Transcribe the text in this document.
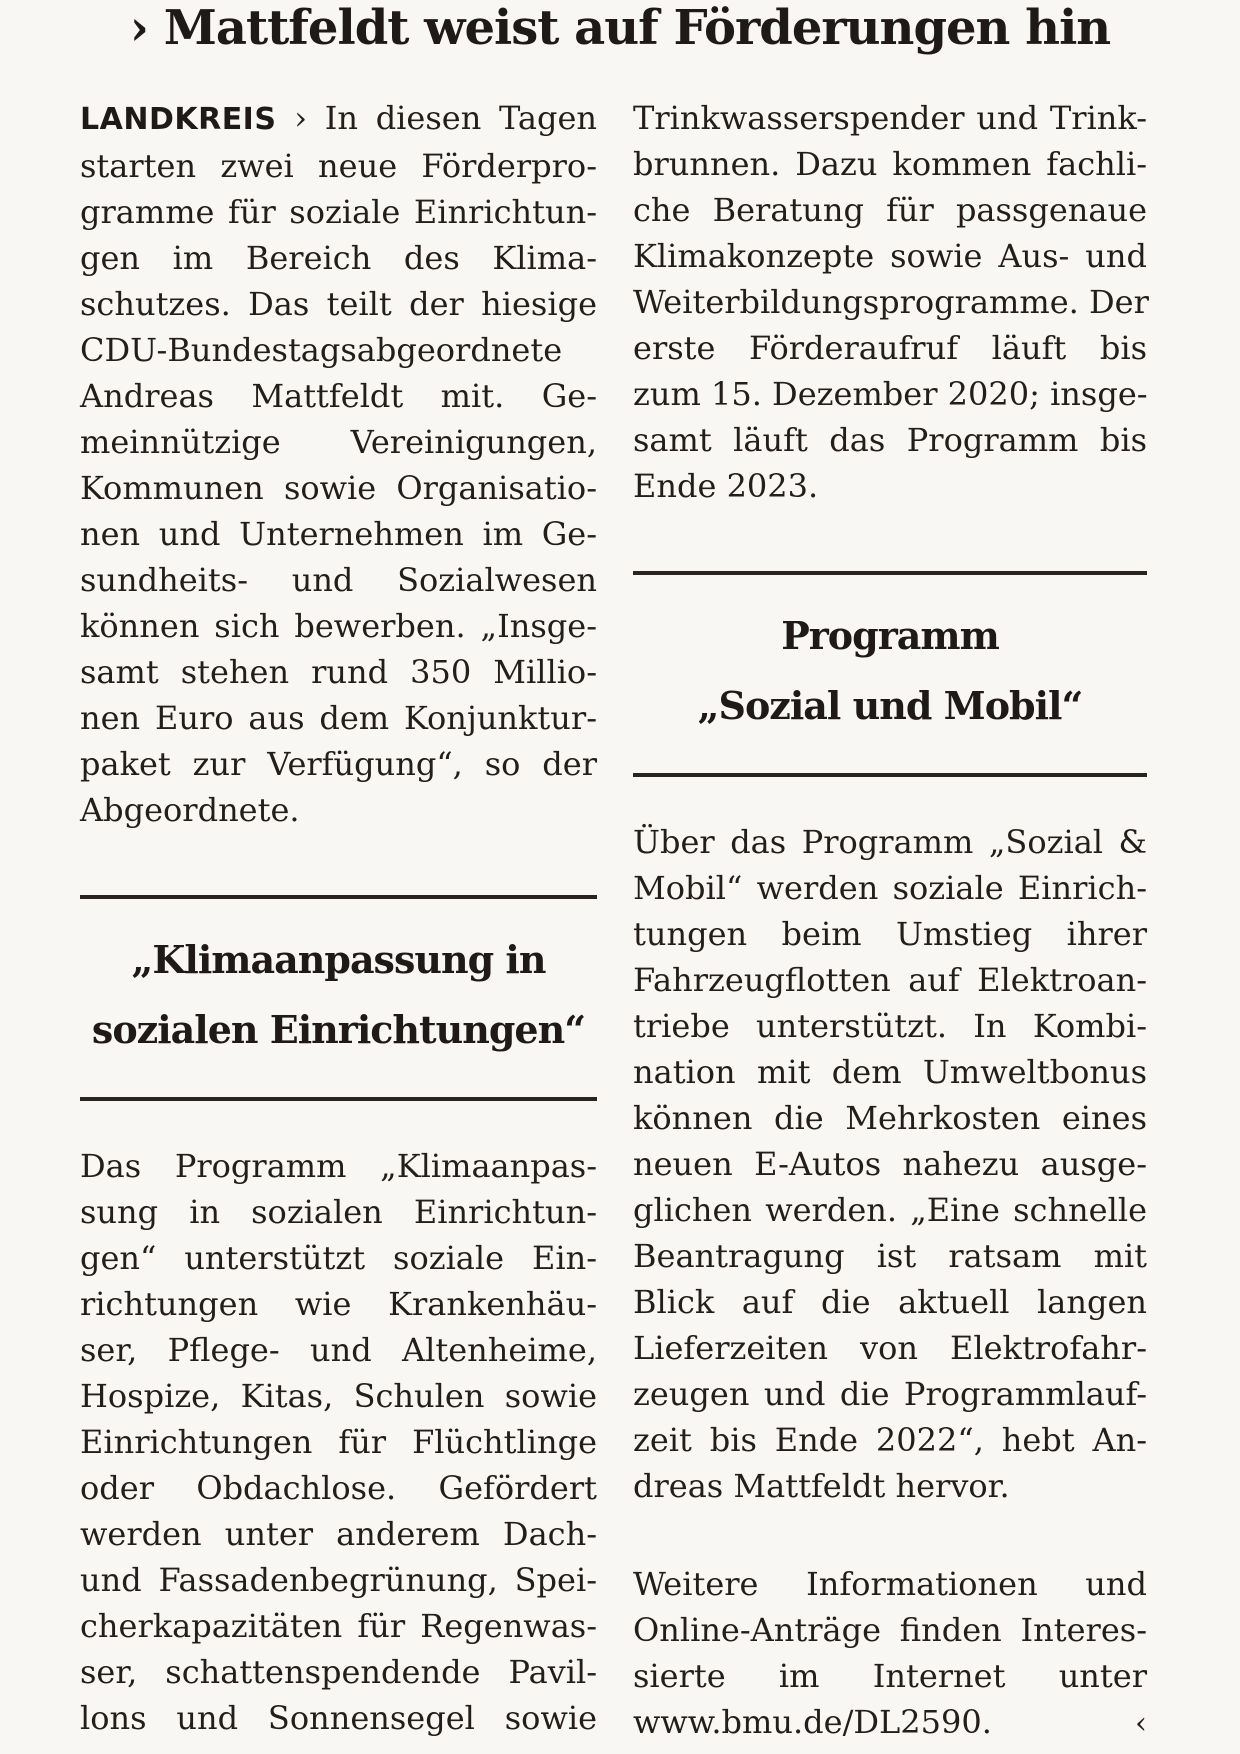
› Mattfeldt weist auf Förderungen hin
LANDKREIS › In diesen Tagen
starten zwei neue Förderpro-
gramme für soziale Einrichtun-
gen im Bereich des Klima-
schutzes. Das teilt der hiesige
CDU-Bundestagsabgeordnete
Andreas Mattfeldt mit. Ge-
meinnützige Vereinigungen,
Kommunen sowie Organisatio-
nen und Unternehmen im Ge-
sundheits- und Sozialwesen
können sich bewerben. „Insge-
samt stehen rund 350 Millio-
nen Euro aus dem Konjunktur-
paket zur Verfügung“, so der
Abgeordnete.
„Klimaanpassung in
sozialen Einrichtungen“
Das Programm „Klimaanpas-
sung in sozialen Einrichtun-
gen“ unterstützt soziale Ein-
richtungen wie Krankenhäu-
ser, Pflege- und Altenheime,
Hospize, Kitas, Schulen sowie
Einrichtungen für Flüchtlinge
oder Obdachlose. Gefördert
werden unter anderem Dach-
und Fassadenbegrünung, Spei-
cherkapazitäten für Regenwas-
ser, schattenspendende Pavil-
lons und Sonnensegel sowie
Trinkwasserspender und Trink-
brunnen. Dazu kommen fachli-
che Beratung für passgenaue
Klimakonzepte sowie Aus- und
Weiterbildungsprogramme. Der
erste Förderaufruf läuft bis
zum 15. Dezember 2020; insge-
samt läuft das Programm bis
Ende 2023.
Programm
„Sozial und Mobil“
Über das Programm „Sozial &
Mobil“ werden soziale Einrich-
tungen beim Umstieg ihrer
Fahrzeugflotten auf Elektroan-
triebe unterstützt. In Kombi-
nation mit dem Umweltbonus
können die Mehrkosten eines
neuen E-Autos nahezu ausge-
glichen werden. „Eine schnelle
Beantragung ist ratsam mit
Blick auf die aktuell langen
Lieferzeiten von Elektrofahr-
zeugen und die Programmlauf-
zeit bis Ende 2022“, hebt An-
dreas Mattfeldt hervor.
Weitere Informationen und
Online-Anträge finden Interes-
sierte im Internet unter
www.bmu.de/DL2590.	‹
